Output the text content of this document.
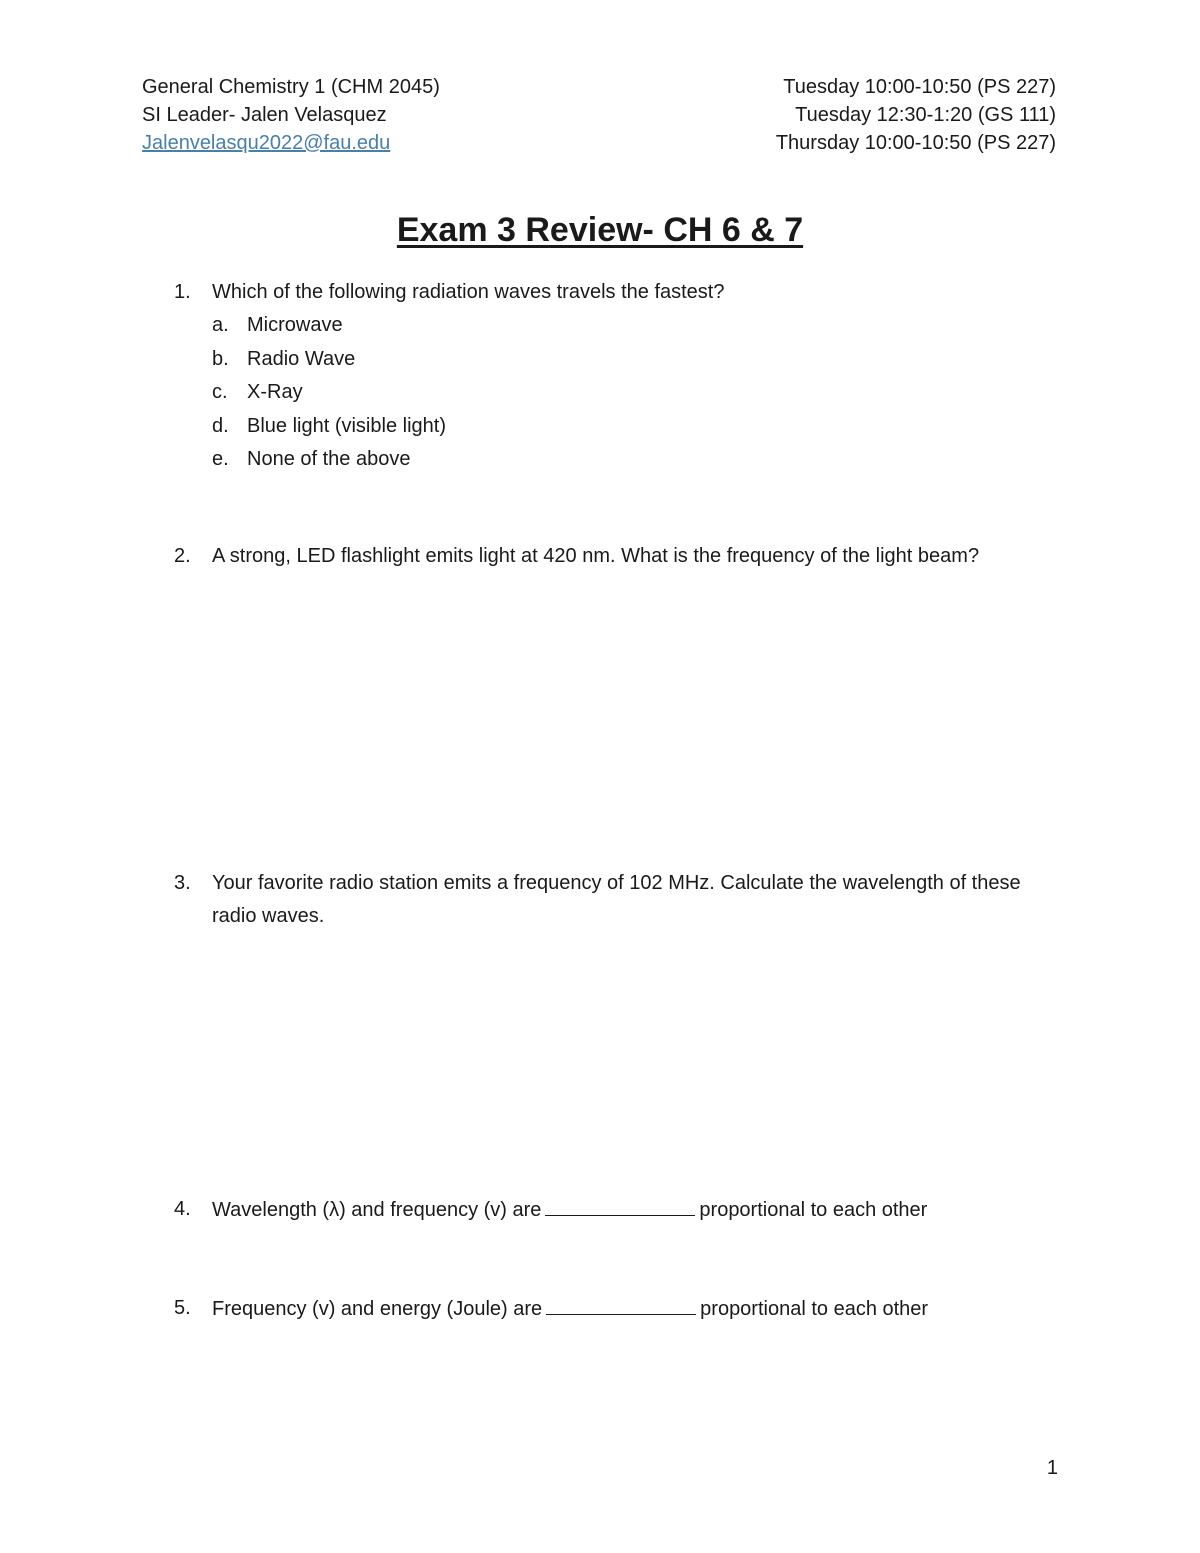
General Chemistry 1 (CHM 2045)
SI Leader- Jalen Velasquez
Jalenvelasqu2022@fau.edu
Tuesday 10:00-10:50 (PS 227)
Tuesday 12:30-1:20 (GS 111)
Thursday 10:00-10:50 (PS 227)
Exam 3 Review- CH 6 & 7
1. Which of the following radiation waves travels the fastest?
a. Microwave
b. Radio Wave
c. X-Ray
d. Blue light (visible light)
e. None of the above
2. A strong, LED flashlight emits light at 420 nm. What is the frequency of the light beam?
3. Your favorite radio station emits a frequency of 102 MHz. Calculate the wavelength of these radio waves.
4. Wavelength (λ) and frequency (v) are	proportional to each other
5. Frequency (v) and energy (Joule) are	proportional to each other
1
